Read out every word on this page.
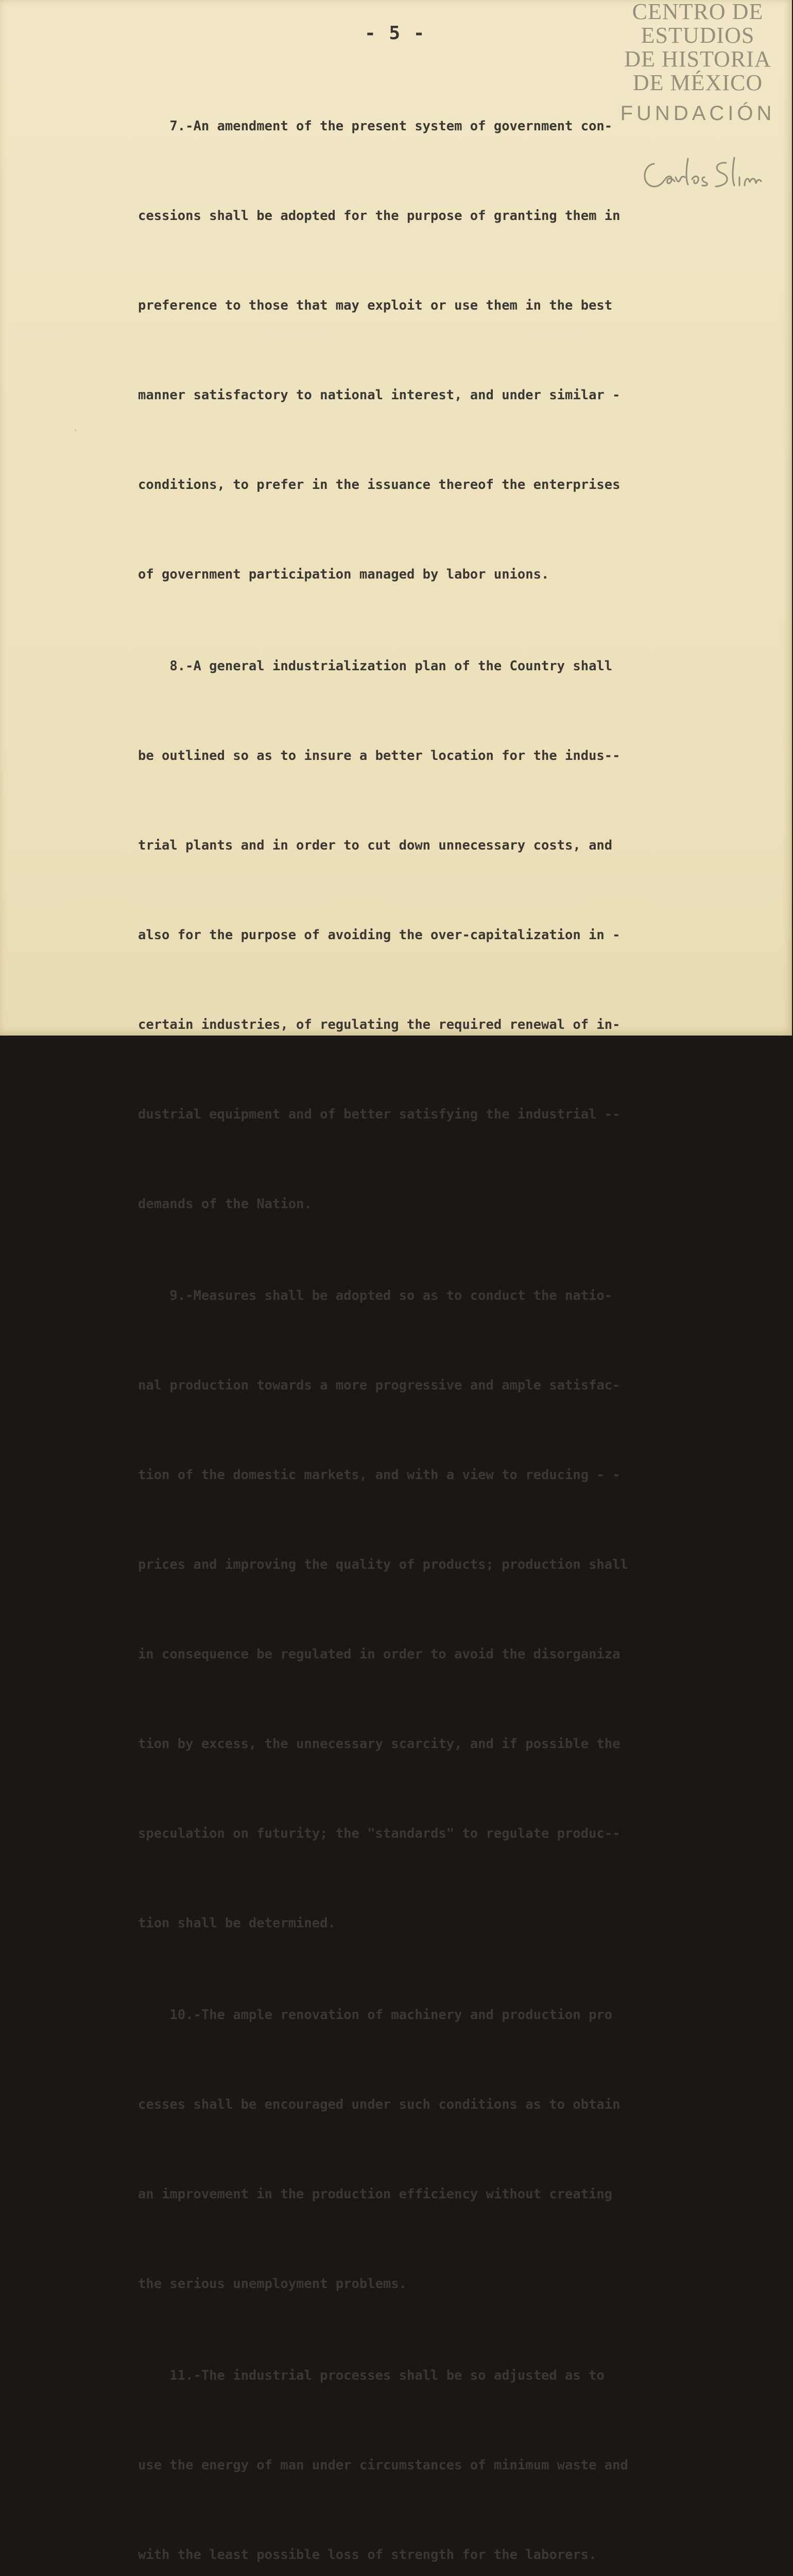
- 5 -

7.-An amendment of the present system of government con-

cessions shall be adopted for the purpose of granting them in

preference to those that may exploit or use them in the best

manner satisfactory to national interest, and under similar -

conditions, to prefer in the issuance thereof the enterprises

of government participation managed by labor unions.

8.-A general industrialization plan of the Country shall

be outlined so as to insure a better location for the indus--

trial plants and in order to cut down unnecessary costs, and

also for the purpose of avoiding the over-capitalization in -

certain industries, of regulating the required renewal of in-

dustrial equipment and of better satisfying the industrial --

demands of the Nation.

9.-Measures shall be adopted so as to conduct the natio-

nal production towards a more progressive and ample satisfac-

tion of the domestic markets, and with a view to reducing - -

prices and improving the quality of products; production shall

in consequence be regulated in order to avoid the disorganiza

tion by excess, the unnecessary scarcity, and if possible the

speculation on futurity; the "standards" to regulate produc--

tion shall be determined.

10.-The ample renovation of machinery and production pro

cesses shall be encouraged under such conditions as to obtain

an improvement in the production efficiency without creating

the serious unemployment problems.

11.-The industrial processes shall be so adjusted as to

use the energy of man under circumstances of minimum waste and

with the least possible loss of strength for the laborers.

·
CENTRO DE
ESTUDIOS
DE HISTORIA
DE MÉXICO
FUNDACIÓN
